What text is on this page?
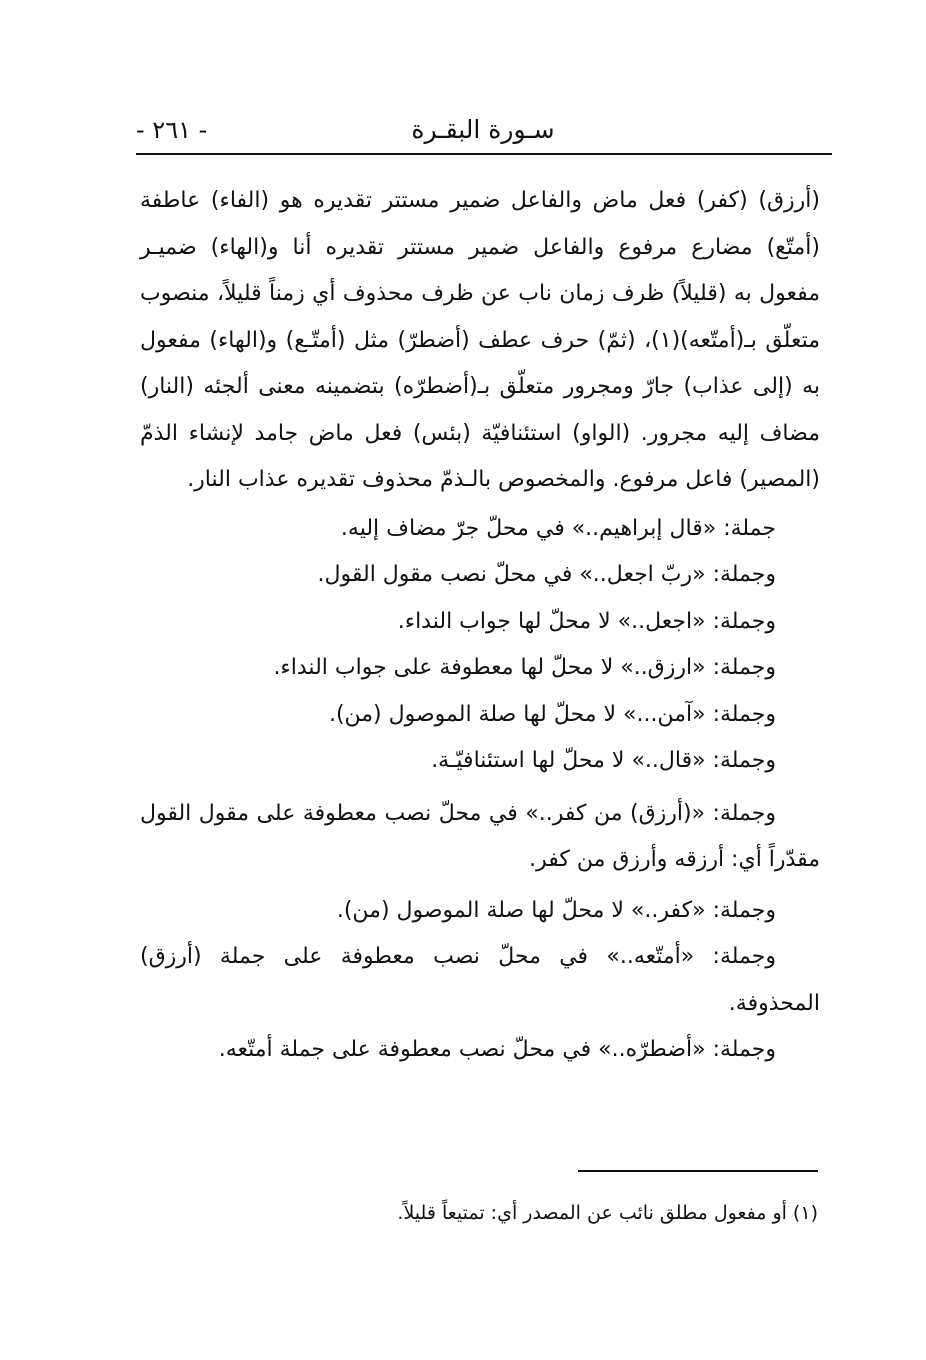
سـورة البقـرة
- ٢٦١ -

(أرزق) (كفر) فعل ماض والفاعل ضمير مستتر تقديره هو (الفاء) عاطفة (أمتّع) مضارع مرفوع والفاعل ضمير مستتر تقديره أنا و(الهاء) ضميـر مفعول به (قليلاً) ظرف زمان ناب عن ظرف محذوف أي زمناً قليلاً، منصوب متعلّق بـ(أمتّعه)(١)، (ثمّ) حرف عطف (أضطرّ) مثل (أمتّـع) و(الهاء) مفعول به (إلى عذاب) جارّ ومجرور متعلّق بـ(أضطرّه) بتضمينه معنى ألجئه (النار) مضاف إليه مجرور. (الواو) استئنافيّة (بئس) فعل ماض جامد لإنشاء الذمّ (المصير) فاعل مرفوع. والمخصوص بالـذمّ محذوف تقديره عذاب النار.

جملة: «قال إبراهيم..» في محلّ جرّ مضاف إليه.

وجملة: «ربّ اجعل..» في محلّ نصب مقول القول.

وجملة: «اجعل..» لا محلّ لها جواب النداء.

وجملة: «ارزق..» لا محلّ لها معطوفة على جواب النداء.

وجملة: «آمن...» لا محلّ لها صلة الموصول (من).

وجملة: «قال..» لا محلّ لها استئنافيّـة.

وجملة: «(أرزق) من كفر..» في محلّ نصب معطوفة على مقول القول مقدّراً أي: أرزقه وأرزق من كفر.

وجملة: «كفر..» لا محلّ لها صلة الموصول (من).

وجملة: «أمتّعه..» في محلّ نصب معطوفة على جملة (أرزق) المحذوفة.

وجملة: «أضطرّه..» في محلّ نصب معطوفة على جملة أمتّعه.

(١) أو مفعول مطلق نائب عن المصدر أي: تمتيعاً قليلاً.
